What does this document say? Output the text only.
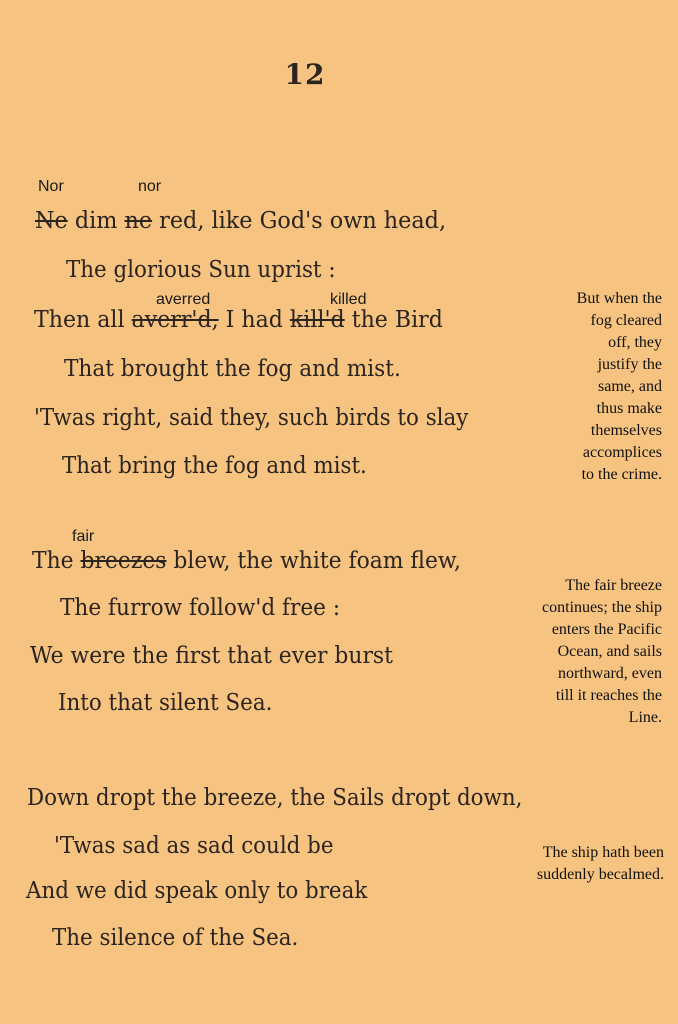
12
Nor	nor
Ne dim ne red, like God's own head,
The glorious Sun uprist :
averred	killed
Then all averr'd, I had kill'd the Bird
That brought the fog and mist.
'Twas right, said they, such birds to slay
That bring the fog and mist.
But when the
fog cleared
off, they
justify the
same, and
thus make
themselves
accomplices
to the crime.
fair
The breezes blew, the white foam flew,
The furrow follow'd free :
We were the first that ever burst
Into that silent Sea.
The fair breeze
continues; the ship
enters the Pacific
Ocean, and sails
northward, even
till it reaches the
Line.
Down dropt the breeze, the Sails dropt down,
'Twas sad as sad could be
And we did speak only to break
The silence of the Sea.
The ship hath been
suddenly becalmed.
